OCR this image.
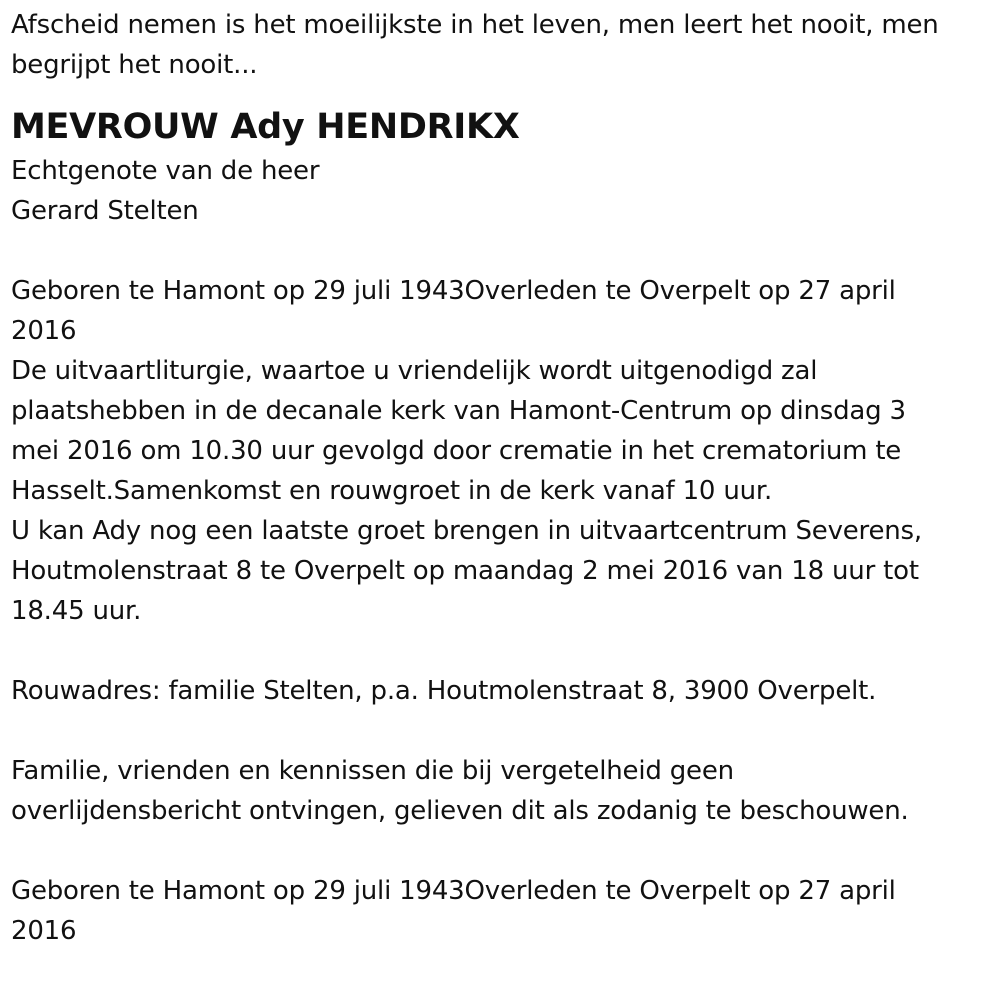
Afscheid nemen is het moeilijkste in het leven, men leert het nooit, men
begrijpt het nooit...
MEVROUW Ady HENDRIKX
Echtgenote van de heer
Gerard Stelten
Geboren te Hamont op 29 juli 1943Overleden te Overpelt op 27 april
2016
De uitvaartliturgie, waartoe u vriendelijk wordt uitgenodigd zal
plaatshebben in de decanale kerk van Hamont-Centrum op dinsdag 3
mei 2016 om 10.30 uur gevolgd door crematie in het crematorium te
Hasselt.Samenkomst en rouwgroet in de kerk vanaf 10 uur.
U kan Ady nog een laatste groet brengen in uitvaartcentrum Severens,
Houtmolenstraat 8 te Overpelt op maandag 2 mei 2016 van 18 uur tot
18.45 uur.
Rouwadres: familie Stelten, p.a. Houtmolenstraat 8, 3900 Overpelt.
Familie, vrienden en kennissen die bij vergetelheid geen
overlijdensbericht ontvingen, gelieven dit als zodanig te beschouwen.
Geboren te Hamont op 29 juli 1943Overleden te Overpelt op 27 april
2016
